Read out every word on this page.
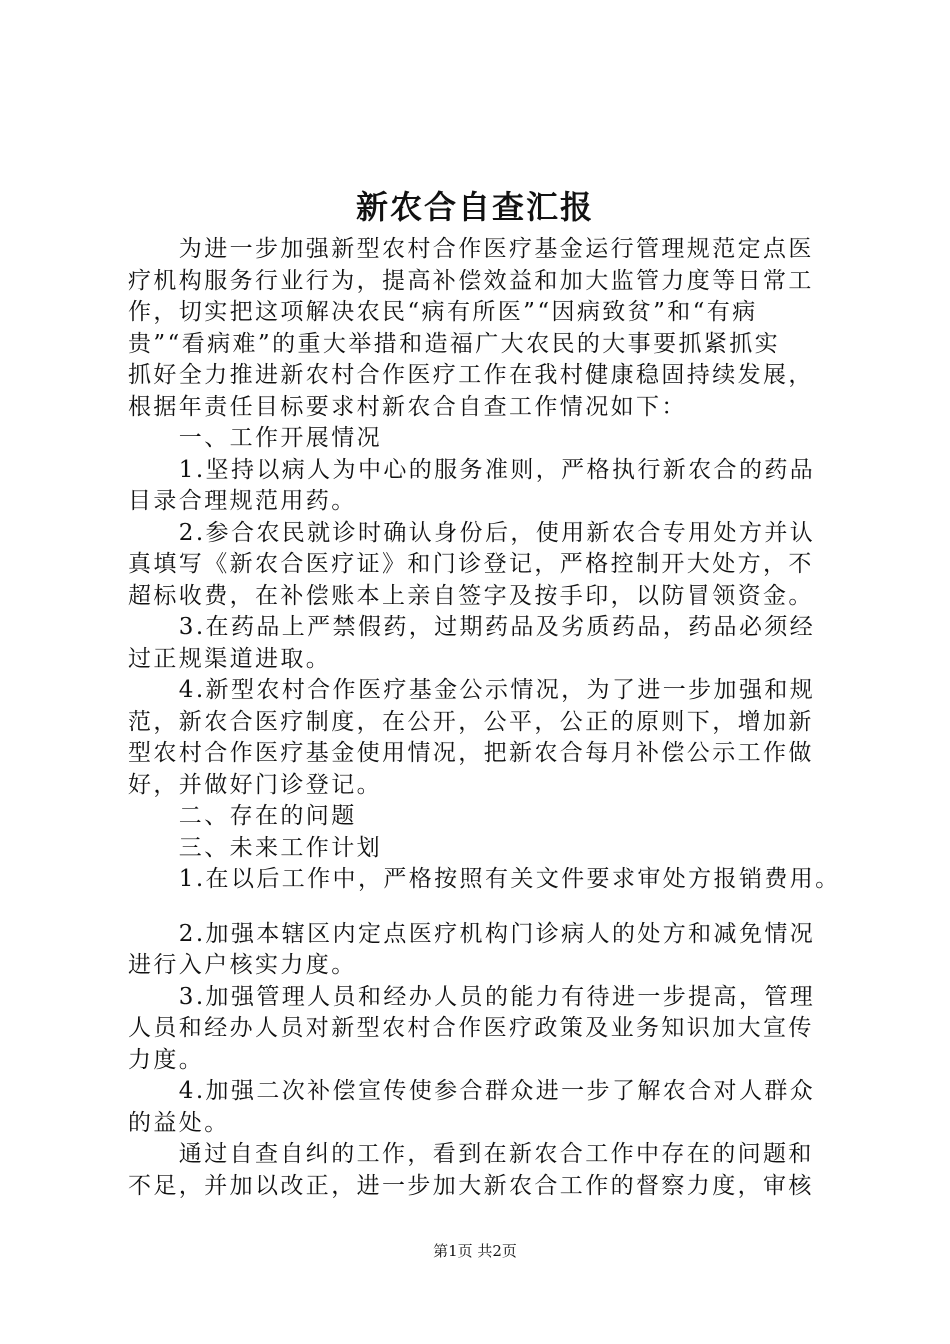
新农合自查汇报
　　为进一步加强新型农村合作医疗基金运行管理规范定点医
疗机构服务行业行为，提高补偿效益和加大监管力度等日常工
作，切实把这项解决农民“病有所医”“因病致贫”和“有病
贵”“看病难”的重大举措和造福广大农民的大事要抓紧抓实
抓好全力推进新农村合作医疗工作在我村健康稳固持续发展，
根据年责任目标要求村新农合自查工作情况如下：
　　一、工作开展情况
　　1.坚持以病人为中心的服务准则，严格执行新农合的药品
目录合理规范用药。
　　2.参合农民就诊时确认身份后，使用新农合专用处方并认
真填写《新农合医疗证》和门诊登记，严格控制开大处方，不
超标收费，在补偿账本上亲自签字及按手印，以防冒领资金。
　　3.在药品上严禁假药，过期药品及劣质药品，药品必须经
过正规渠道进取。
　　4.新型农村合作医疗基金公示情况，为了进一步加强和规
范，新农合医疗制度，在公开，公平，公正的原则下，增加新
型农村合作医疗基金使用情况，把新农合每月补偿公示工作做
好，并做好门诊登记。
　　二、存在的问题
　　三、未来工作计划
　　1.在以后工作中，严格按照有关文件要求审处方报销费用。
　　2.加强本辖区内定点医疗机构门诊病人的处方和减免情况
进行入户核实力度。
　　3.加强管理人员和经办人员的能力有待进一步提高，管理
人员和经办人员对新型农村合作医疗政策及业务知识加大宣传
力度。
　　4.加强二次补偿宣传使参合群众进一步了解农合对人群众
的益处。
　　通过自查自纠的工作，看到在新农合工作中存在的问题和
不足，并加以改正，进一步加大新农合工作的督察力度，审核
第1页 共2页
